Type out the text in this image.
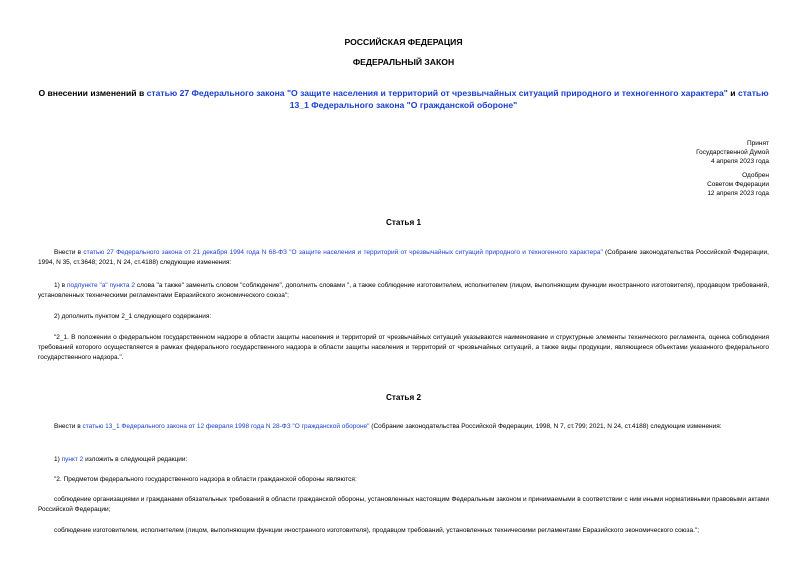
РОССИЙСКАЯ ФЕДЕРАЦИЯ
ФЕДЕРАЛЬНЫЙ ЗАКОН
О внесении изменений в статью 27 Федерального закона "О защите населения и территорий от чрезвычайных ситуаций природного и техногенного характера" и статью 13_1 Федерального закона "О гражданской обороне"
Принят
Государственной Думой
4 апреля 2023 года
Одобрен
Советом Федерации
12 апреля 2023 года
Статья 1
Внести в статью 27 Федерального закона от 21 декабря 1994 года N 68-ФЗ "О защите населения и территорий от чрезвычайных ситуаций природного и техногенного характера" (Собрание законодательства Российской Федерации, 1994, N 35, ст.3648; 2021, N 24, ст.4188) следующие изменения:
1) в подпункте "а" пункта 2 слова "а также" заменить словом "соблюдение", дополнить словами ", а также соблюдение изготовителем, исполнителем (лицом, выполняющим функции иностранного изготовителя), продавцом требований, установленных техническими регламентами Евразийского экономического союза";
2) дополнить пунктом 2_1 следующего содержания:
"2_1. В положении о федеральном государственном надзоре в области защиты населения и территорий от чрезвычайных ситуаций указываются наименование и структурные элементы технического регламента, оценка соблюдения требований которого осуществляется в рамках федерального государственного надзора в области защиты населения и территорий от чрезвычайных ситуаций, а также виды продукции, являющиеся объектами указанного федерального государственного надзора.".
Статья 2
Внести в статью 13_1 Федерального закона от 12 февраля 1998 года N 28-ФЗ "О гражданской обороне" (Собрание законодательства Российской Федерации, 1998, N 7, ст.799; 2021, N 24, ст.4188) следующие изменения:
1) пункт 2 изложить в следующей редакции:
"2. Предметом федерального государственного надзора в области гражданской обороны являются:
соблюдение организациями и гражданами обязательных требований в области гражданской обороны, установленных настоящим Федеральным законом и принимаемыми в соответствии с ним иными нормативными правовыми актами Российской Федерации;
соблюдение изготовителем, исполнителем (лицом, выполняющим функции иностранного изготовителя), продавцом требований, установленных техническими регламентами Евразийского экономического союза.";
